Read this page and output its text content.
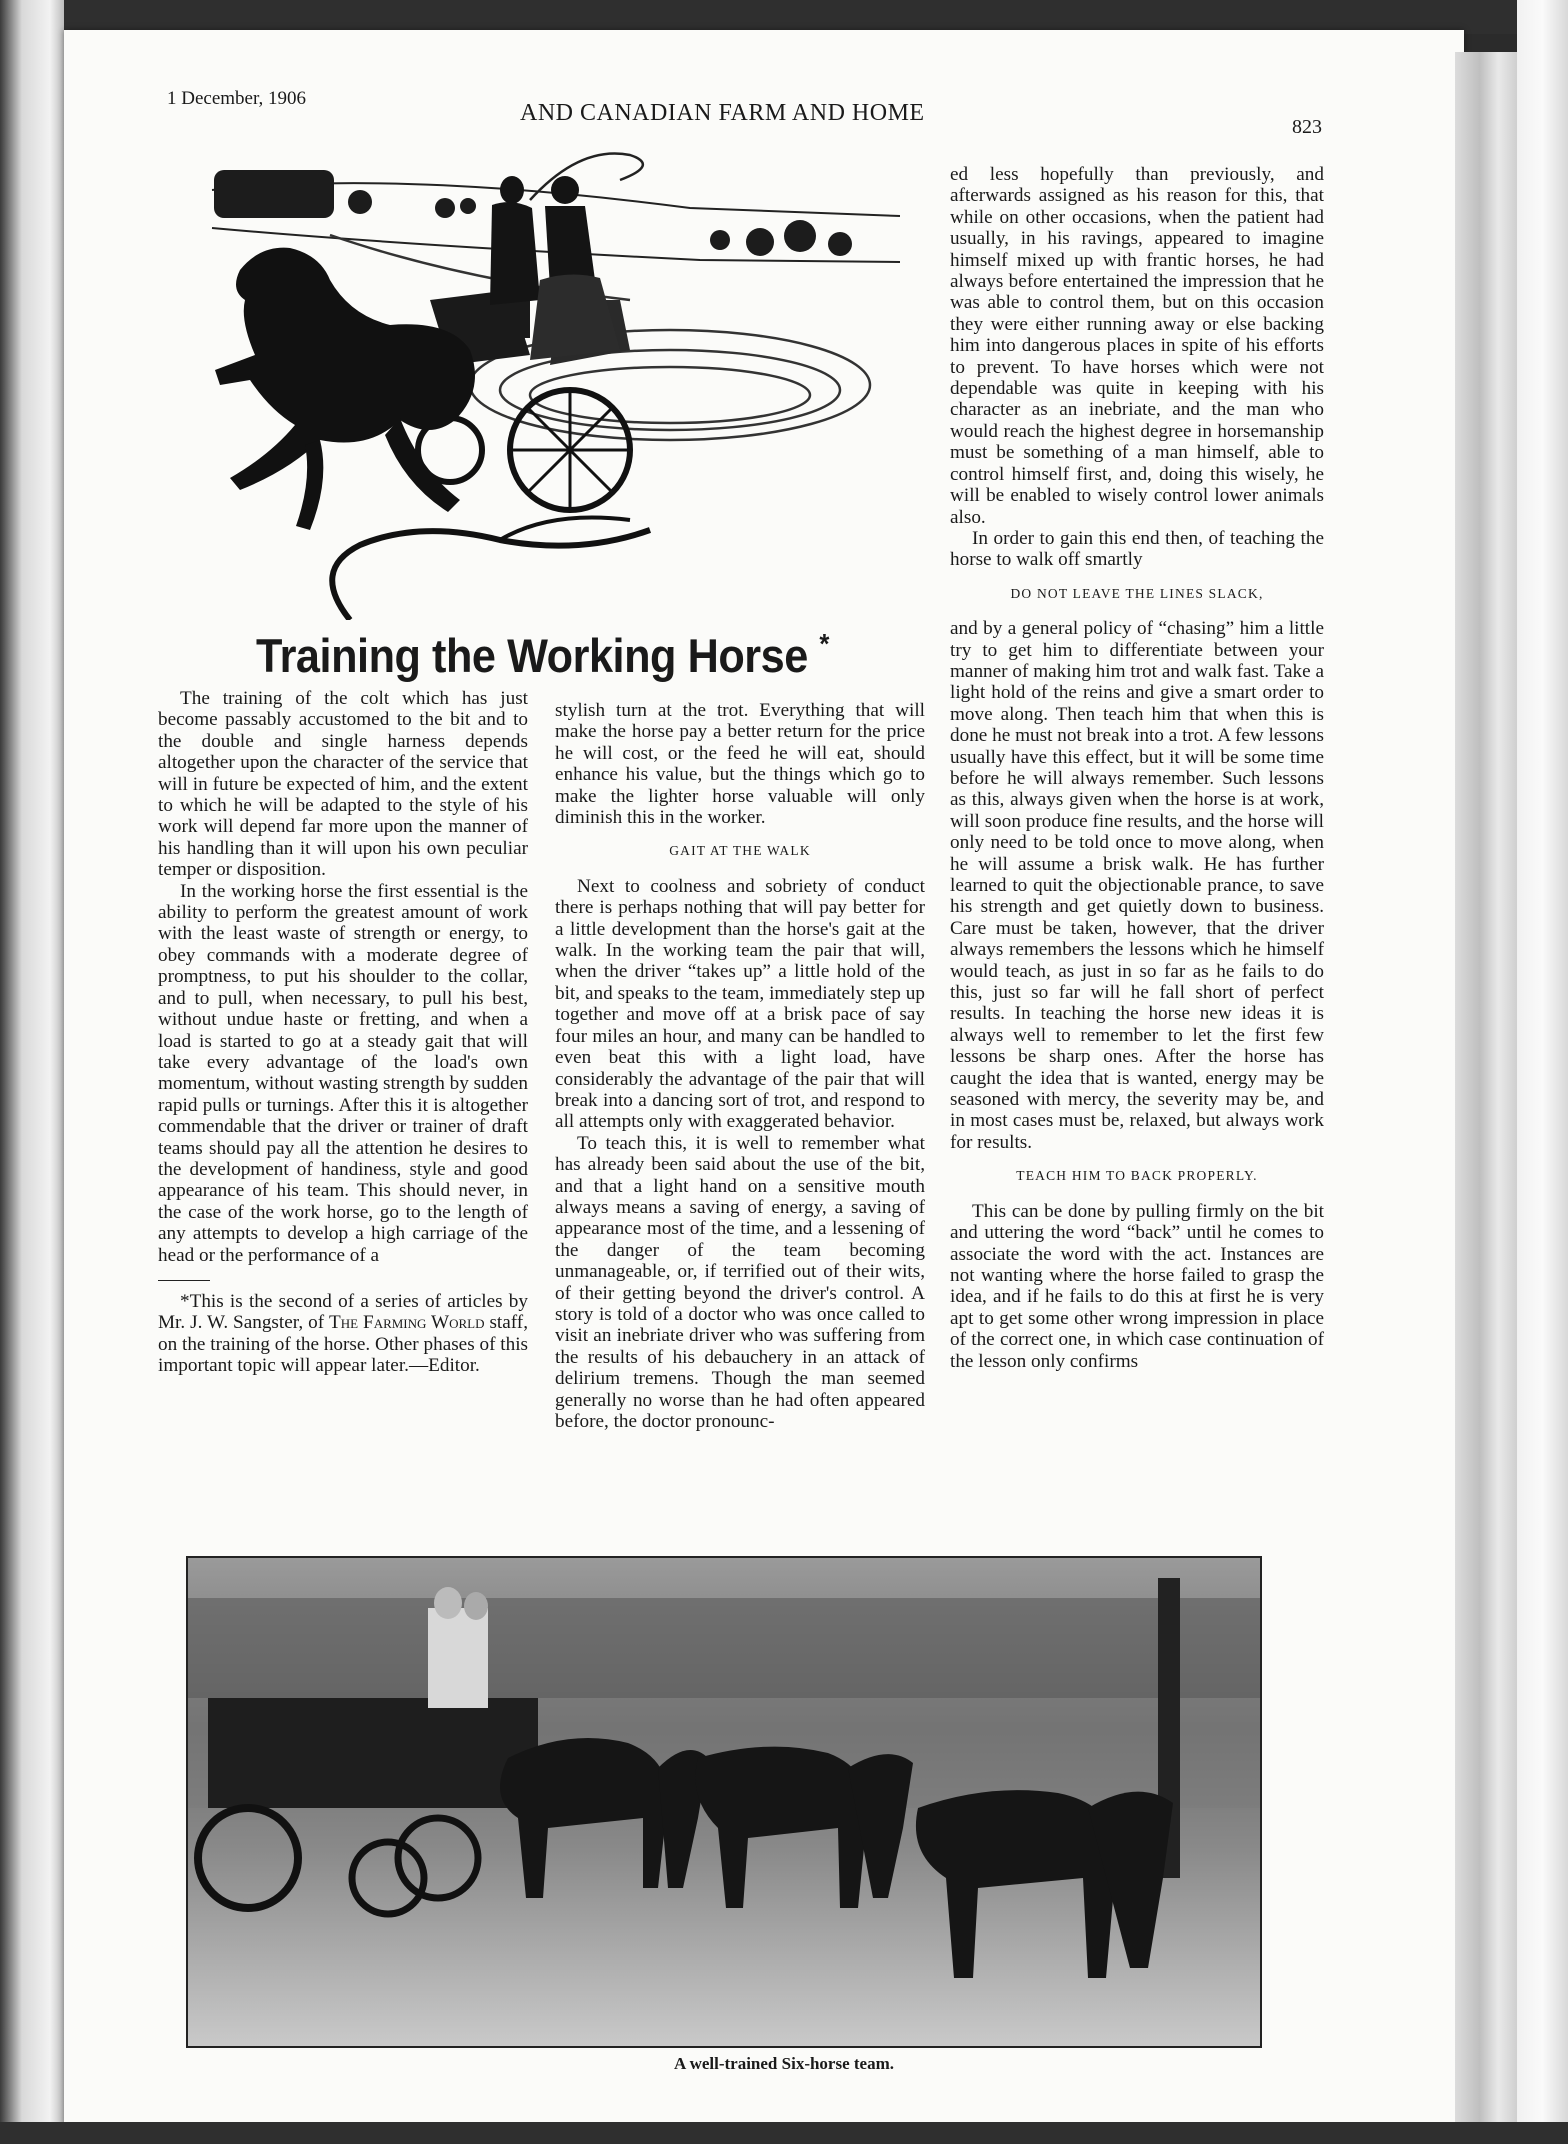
1 December, 1906
AND CANADIAN FARM AND HOME
823
Training the Working Horse *

The training of the colt which has just become passably accustomed to the bit and to the double and single harness depends altogether upon the character of the service that will in future be expected of him, and the extent to which he will be adapted to the style of his work will depend far more upon the manner of his handling than it will upon his own peculiar temper or disposition.

In the working horse the first essential is the ability to perform the greatest amount of work with the least waste of strength or energy, to obey commands with a moderate degree of promptness, to put his shoulder to the collar, and to pull, when necessary, to pull his best, without undue haste or fretting, and when a load is started to go at a steady gait that will take every advantage of the load's own momentum, without wasting strength by sudden rapid pulls or turnings. After this it is altogether commendable that the driver or trainer of draft teams should pay all the attention he desires to the development of handiness, style and good appearance of his team. This should never, in the case of the work horse, go to the length of any attempts to develop a high carriage of the head or the performance of a

*This is the second of a series of articles by Mr. J. W. Sangster, of The Farming World staff, on the training of the horse. Other phases of this important topic will appear later.—Editor.

stylish turn at the trot. Everything that will make the horse pay a better return for the price he will cost, or the feed he will eat, should enhance his value, but the things which go to make the lighter horse valuable will only diminish this in the worker.

GAIT AT THE WALK

Next to coolness and sobriety of conduct there is perhaps nothing that will pay better for a little development than the horse's gait at the walk. In the working team the pair that will, when the driver “takes up” a little hold of the bit, and speaks to the team, immediately step up together and move off at a brisk pace of say four miles an hour, and many can be handled to even beat this with a light load, have considerably the advantage of the pair that will break into a dancing sort of trot, and respond to all attempts only with exaggerated behavior.

To teach this, it is well to remember what has already been said about the use of the bit, and that a light hand on a sensitive mouth always means a saving of energy, a saving of appearance most of the time, and a lessening of the danger of the team becoming unmanageable, or, if terrified out of their wits, of their getting beyond the driver's control. A story is told of a doctor who was once called to visit an inebriate driver who was suffering from the results of his debauchery in an attack of delirium tremens. Though the man seemed generally no worse than he had often appeared before, the doctor pronounc-

ed less hopefully than previously, and afterwards assigned as his reason for this, that while on other occasions, when the patient had usually, in his ravings, appeared to imagine himself mixed up with frantic horses, he had always before entertained the impression that he was able to control them, but on this occasion they were either running away or else backing him into dangerous places in spite of his efforts to prevent. To have horses which were not dependable was quite in keeping with his character as an inebriate, and the man who would reach the highest degree in horsemanship must be something of a man himself, able to control himself first, and, doing this wisely, he will be enabled to wisely control lower animals also.

In order to gain this end then, of teaching the horse to walk off smartly

DO NOT LEAVE THE LINES SLACK,

and by a general policy of “chasing” him a little try to get him to differentiate between your manner of making him trot and walk fast. Take a light hold of the reins and give a smart order to move along. Then teach him that when this is done he must not break into a trot. A few lessons usually have this effect, but it will be some time before he will always remember. Such lessons as this, always given when the horse is at work, will soon produce fine results, and the horse will only need to be told once to move along, when he will assume a brisk walk. He has further learned to quit the objectionable prance, to save his strength and get quietly down to business. Care must be taken, however, that the driver always remembers the lessons which he himself would teach, as just in so far as he fails to do this, just so far will he fall short of perfect results. In teaching the horse new ideas it is always well to remember to let the first few lessons be sharp ones. After the horse has caught the idea that is wanted, energy may be seasoned with mercy, the severity may be, and in most cases must be, relaxed, but always work for results.

TEACH HIM TO BACK PROPERLY.

This can be done by pulling firmly on the bit and uttering the word “back” until he comes to associate the word with the act. Instances are not wanting where the horse failed to grasp the idea, and if he fails to do this at first he is very apt to get some other wrong impression in place of the correct one, in which case continuation of the lesson only confirms

A well-trained Six-horse team.
